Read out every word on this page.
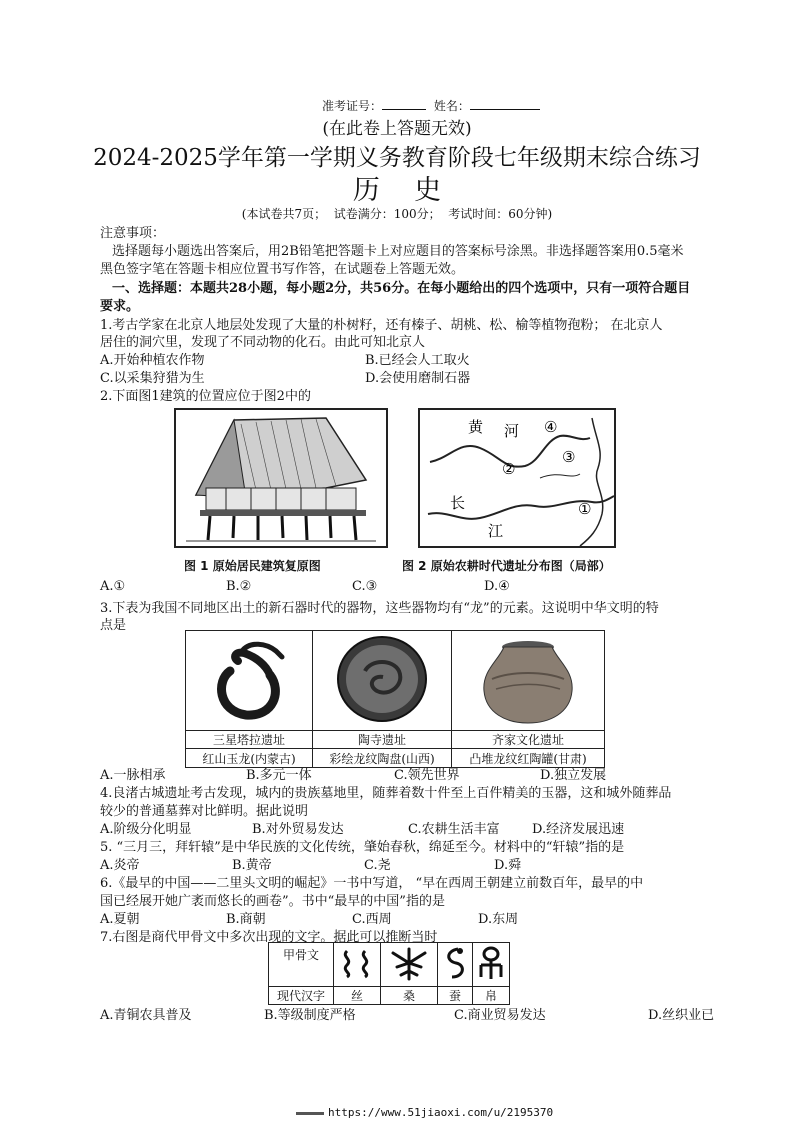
准考证号：	姓名：
(在此卷上答题无效)
2024-2025学年第一学期义务教育阶段七年级期末综合练习
历    史
(本试卷共7页；  试卷满分：100分；  考试时间：60分钟)
注意事项：
选择题每小题选出答案后，用2B铅笔把答题卡上对应题目的答案标号涂黑。非选择题答案用0.5毫米
黑色签字笔在答题卡相应位置书写作答，在试题卷上答题无效。
一、选择题：本题共28小题，每小题2分，共56分。在每小题给出的四个选项中，只有一项符合题目
要求。
1.考古学家在北京人地层处发现了大量的朴树籽，还有榛子、胡桃、松、榆等植物孢粉； 在北京人
居住的洞穴里，发现了不同动物的化石。由此可知北京人
A.开始种植农作物	B.已经会人工取火
C.以采集狩猎为生	D.会使用磨制石器
2.下面图1建筑的位置应位于图2中的
黄 河
长
江
④
②
③
①
图 1 原始居民建筑复原图	图 2 原始农耕时代遗址分布图（局部）
A.①	B.②	C.③	D.④
3.下表为我国不同地区出土的新石器时代的器物，这些器物均有“龙”的元素。这说明中华文明的特
点是

三星塔拉遗址	陶寺遗址	齐家文化遗址
红山玉龙(内蒙古)	彩绘龙纹陶盘(山西)	凸堆龙纹红陶罐(甘肃)
A.一脉相承	B.多元一体	C.领先世界	D.独立发展
4.良渚古城遗址考古发现，城内的贵族墓地里，随葬着数十件至上百件精美的玉器，这和城外随葬品
较少的普通墓葬对比鲜明。据此说明
A.阶级分化明显	B.对外贸易发达	C.农耕生活丰富 D.经济发展迅速
5. “三月三，拜轩辕”是中华民族的文化传统，肇始春秋，绵延至今。材料中的“轩辕”指的是
A.炎帝	B.黄帝	C.尧	D.舜
6.《最早的中国——二里头文明的崛起》一书中写道， “早在西周王朝建立前数百年，最早的中
国已经展开她广袤而悠长的画卷”。书中“最早的中国”指的是
A.夏朝	B.商朝	C.西周	D.东周
7.右图是商代甲骨文中多次出现的文字。据此可以推断当时
甲骨文				
现代汉字	丝	桑	蚕	帛
A.青铜农具普及	B.等级制度严格	C.商业贸易发达	D.丝织业已
https://www.51jiaoxi.com/u/2195370
